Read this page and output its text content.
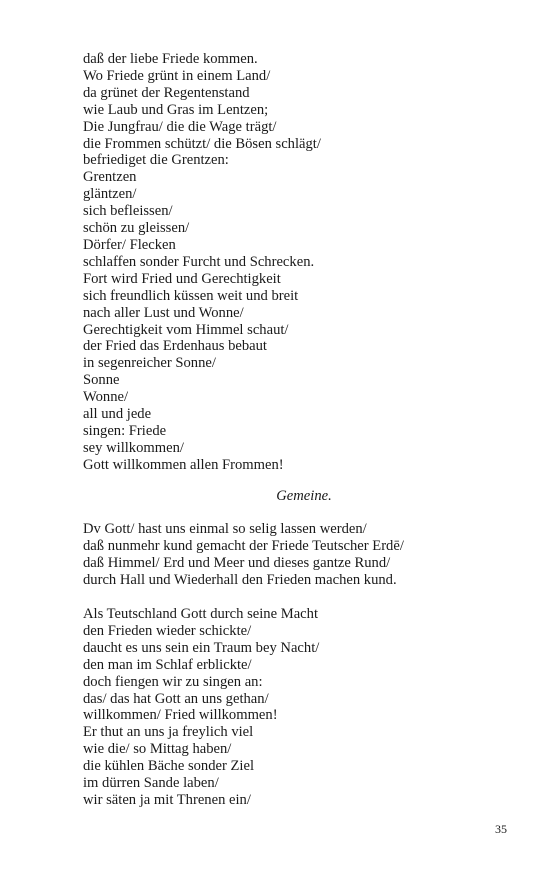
daß der liebe Friede kommen.
Wo Friede grünt in einem Land/
da grünet der Regentenstand
wie Laub und Gras im Lentzen;
Die Jungfrau/ die die Wage trägt/
die Frommen schützt/ die Bösen schlägt/
befriediget die Grentzen:
Grentzen
gläntzen/
sich befleissen/
schön zu gleissen/
Dörfer/ Flecken
schlaffen sonder Furcht und Schrecken.
Fort wird Fried und Gerechtigkeit
sich freundlich küssen weit und breit
nach aller Lust und Wonne/
Gerechtigkeit vom Himmel schaut/
der Fried das Erdenhaus bebaut
in segenreicher Sonne/
Sonne
Wonne/
all und jede
singen: Friede
sey willkommen/
Gott willkommen allen Frommen!
Gemeine.
Dv Gott/ hast uns einmal so selig lassen werden/
daß nunmehr kund gemacht der Friede Teutscher Erdē/
daß Himmel/ Erd und Meer und dieses gantze Rund/
durch Hall und Wiederhall den Frieden machen kund.
Als Teutschland Gott durch seine Macht
den Frieden wieder schickte/
daucht es uns sein ein Traum bey Nacht/
den man im Schlaf erblickte/
doch fiengen wir zu singen an:
das/ das hat Gott an uns gethan/
willkommen/ Fried willkommen!
Er thut an uns ja freylich viel
wie die/ so Mittag haben/
die kühlen Bäche sonder Ziel
im dürren Sande laben/
wir säten ja mit Threnen ein/
35
